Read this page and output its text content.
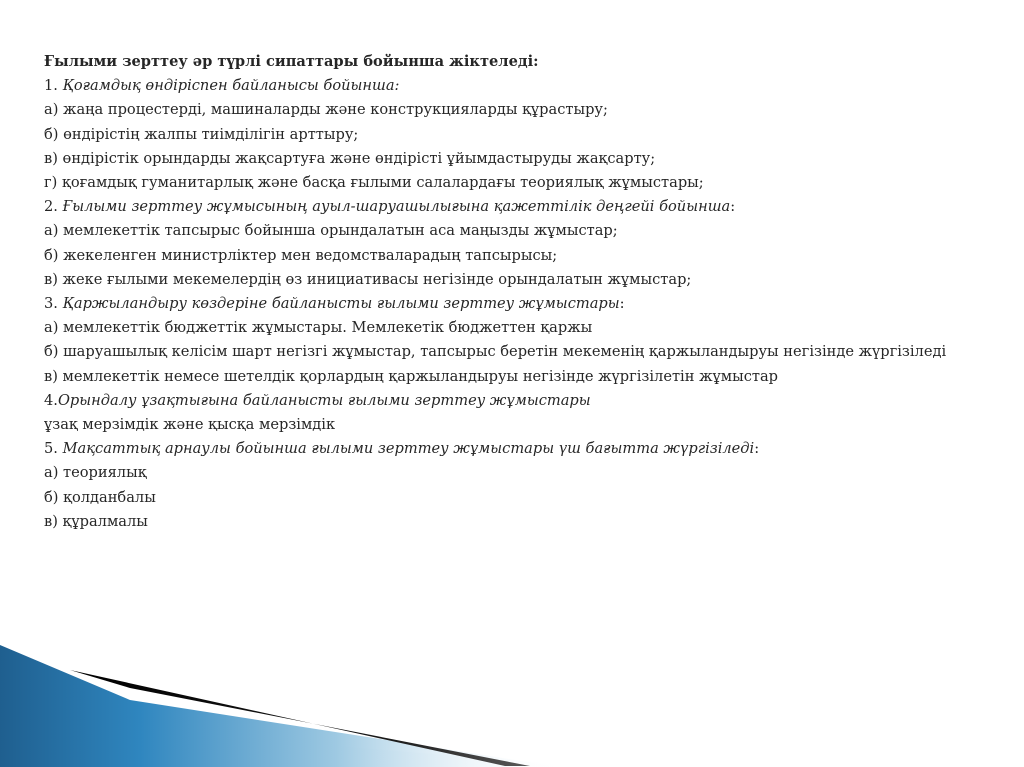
Ғылыми зерттеу әр түрлі сипаттары бойынша жіктеледі:
1. Қоғамдық өндіріспен байланысы бойынша:
а) жаңа процестерді, машиналарды және конструкцияларды құрастыру;
б) өндірістің жалпы тиімділігін арттыру;
в) өндірістік орындарды жақсартуға және өндірісті ұйымдастыруды жақсарту;
г) қоғамдық гуманитарлық және басқа ғылыми салалардағы теориялық жұмыстары;
2. Ғылыми зерттеу жұмысының ауыл-шаруашылығына қажеттілік деңгейі бойынша:
а) мемлекеттік тапсырыс бойынша орындалатын аса маңызды жұмыстар;
б) жекеленген министрліктер мен ведомстваларадың тапсырысы;
в) жеке ғылыми мекемелердің өз инициативасы негізінде орындалатын жұмыстар;
3. Қаржыландыру көздеріне байланысты ғылыми зерттеу жұмыстары:
а) мемлекеттік бюджеттік жұмыстары. Мемлекетік бюджеттен қаржы
б) шаруашылық келісім шарт негізгі жұмыстар, тапсырыс беретін мекеменің қаржыландыруы негізінде жүргізіледі
в) мемлекеттік немесе шетелдік қорлардың қаржыландыруы негізінде жүргізілетін жұмыстар
4.Орындалу ұзақтығына байланысты ғылыми зерттеу жұмыстары
ұзақ мерзімдік және қысқа мерзімдік
5. Мақсаттық арнаулы бойынша ғылыми зерттеу жұмыстары үш бағытта жүргізіледі:
а) теориялық
б) қолданбалы
в) құралмалы
